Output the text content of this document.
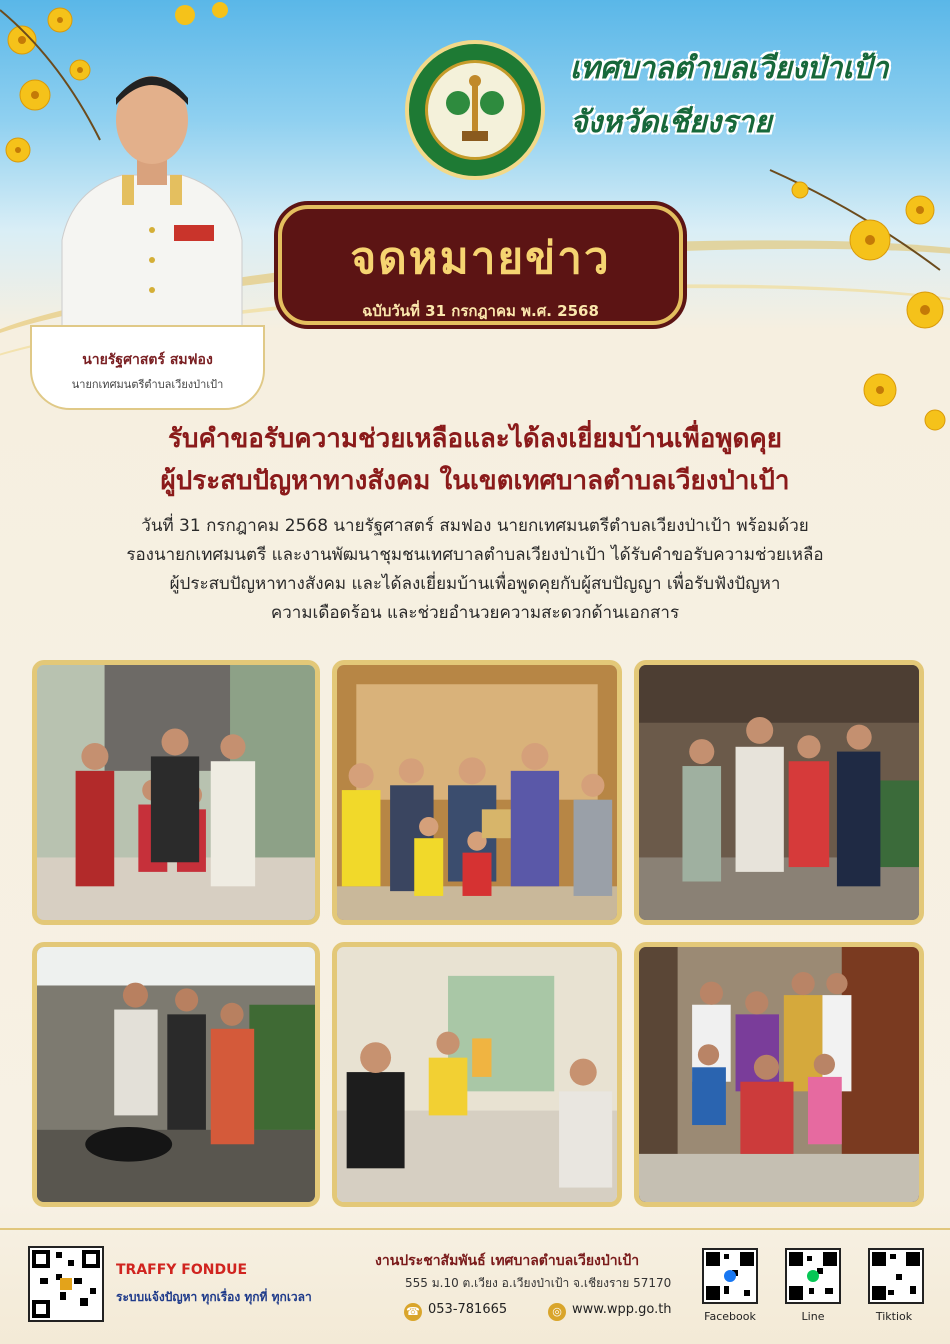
เทศบาลตำบลเวียงป่าเป้า
จังหวัดเชียงราย
นายรัฐศาสตร์ สมฟอง
นายกเทศมนตรีตำบลเวียงป่าเป้า
จดหมายข่าว
ฉบับวันที่ 31 กรกฎาคม พ.ศ. 2568
รับคำขอรับความช่วยเหลือและได้ลงเยี่ยมบ้านเพื่อพูดคุย
ผู้ประสบปัญหาทางสังคม ในเขตเทศบาลตำบลเวียงป่าเป้า
วันที่ 31 กรกฎาคม 2568 นายรัฐศาสตร์ สมฟอง นายกเทศมนตรีตำบลเวียงป่าเป้า พร้อมด้วย
รองนายกเทศมนตรี และงานพัฒนาชุมชนเทศบาลตำบลเวียงป่าเป้า ได้รับคำขอรับความช่วยเหลือ
ผู้ประสบปัญหาทางสังคม และได้ลงเยี่ยมบ้านเพื่อพูดคุยกับผู้สบปัญญา เพื่อรับฟังปัญหา
ความเดือดร้อน และช่วยอำนวยความสะดวกด้านเอกสาร
TRAFFY FONDUE
ระบบแจ้งปัญหา ทุกเรื่อง ทุกที่ ทุกเวลา
งานประชาสัมพันธ์ เทศบาลตำบลเวียงป่าเป้า
555 ม.10 ต.เวียง อ.เวียงป่าเป้า จ.เชียงราย 57170
☎ 053-781665	◎ www.wpp.go.th	Facebook	Line	Tiktiok
